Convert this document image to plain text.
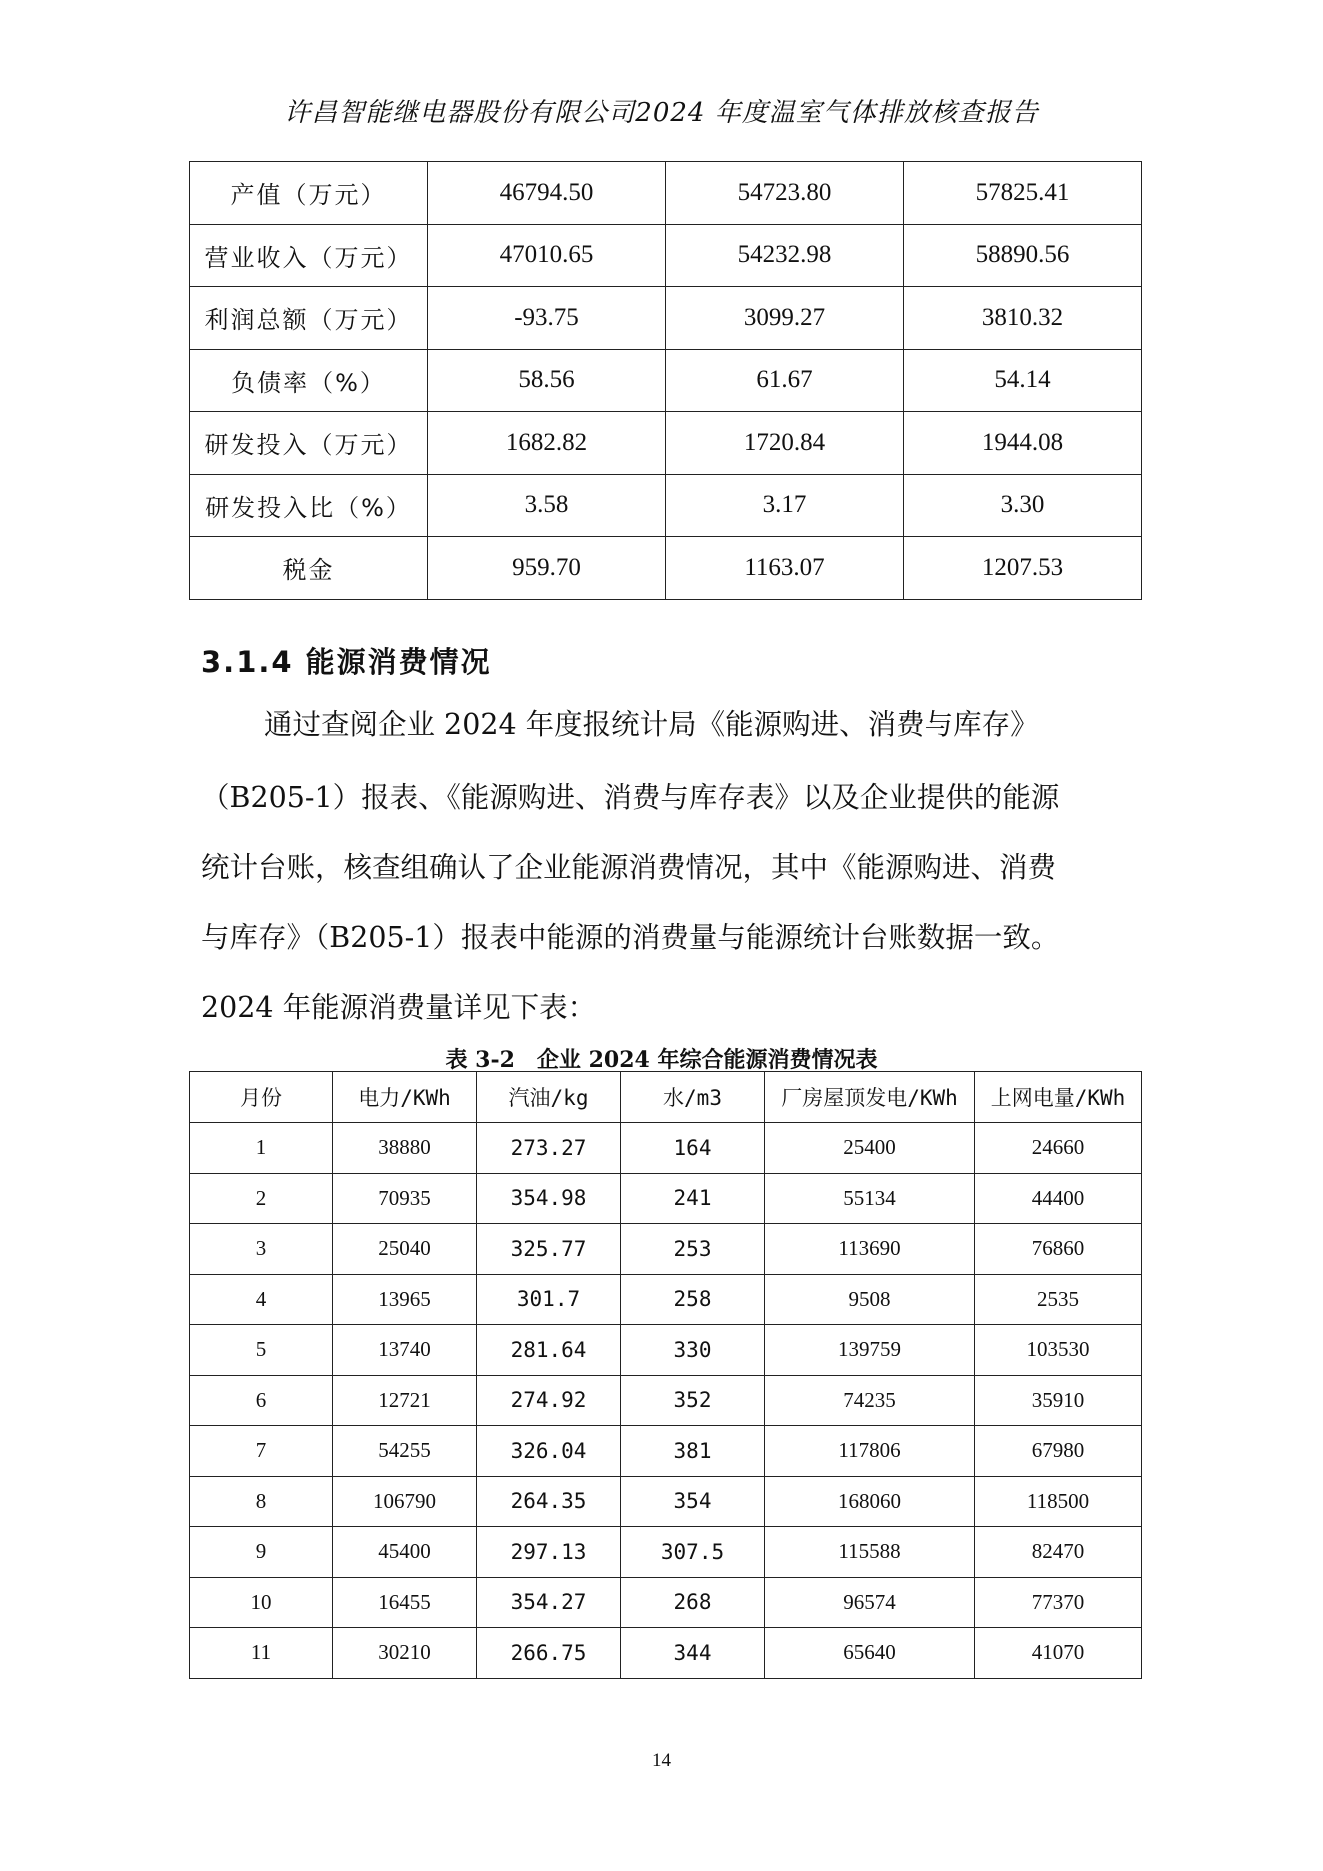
许昌智能继电器股份有限公司2024 年度温室气体排放核查报告
产值（万元）	46794.50	54723.80	57825.41
营业收入（万元）	47010.65	54232.98	58890.56
利润总额（万元）	-93.75	3099.27	3810.32
负债率（%）	58.56	61.67	54.14
研发投入（万元）	1682.82	1720.84	1944.08
研发投入比（%）	3.58	3.17	3.30
税金	959.70	1163.07	1207.53
3.1.4 能源消费情况
通过查阅企业 2024 年度报统计局《能源购进、消费与库存》
（B205-1）报表、《能源购进、消费与库存表》以及企业提供的能源
统计台账，核查组确认了企业能源消费情况，其中《能源购进、消费
与库存》（B205-1）报表中能源的消费量与能源统计台账数据一致。
2024 年能源消费量详见下表：
表 3-2　企业 2024 年综合能源消费情况表
月份	电力/KWh	汽油/kg	水/m3	厂房屋顶发电/KWh	上网电量/KWh
1	38880	273.27	164	25400	24660
2	70935	354.98	241	55134	44400
3	25040	325.77	253	113690	76860
4	13965	301.7	258	9508	2535
5	13740	281.64	330	139759	103530
6	12721	274.92	352	74235	35910
7	54255	326.04	381	117806	67980
8	106790	264.35	354	168060	118500
9	45400	297.13	307.5	115588	82470
10	16455	354.27	268	96574	77370
11	30210	266.75	344	65640	41070
14
